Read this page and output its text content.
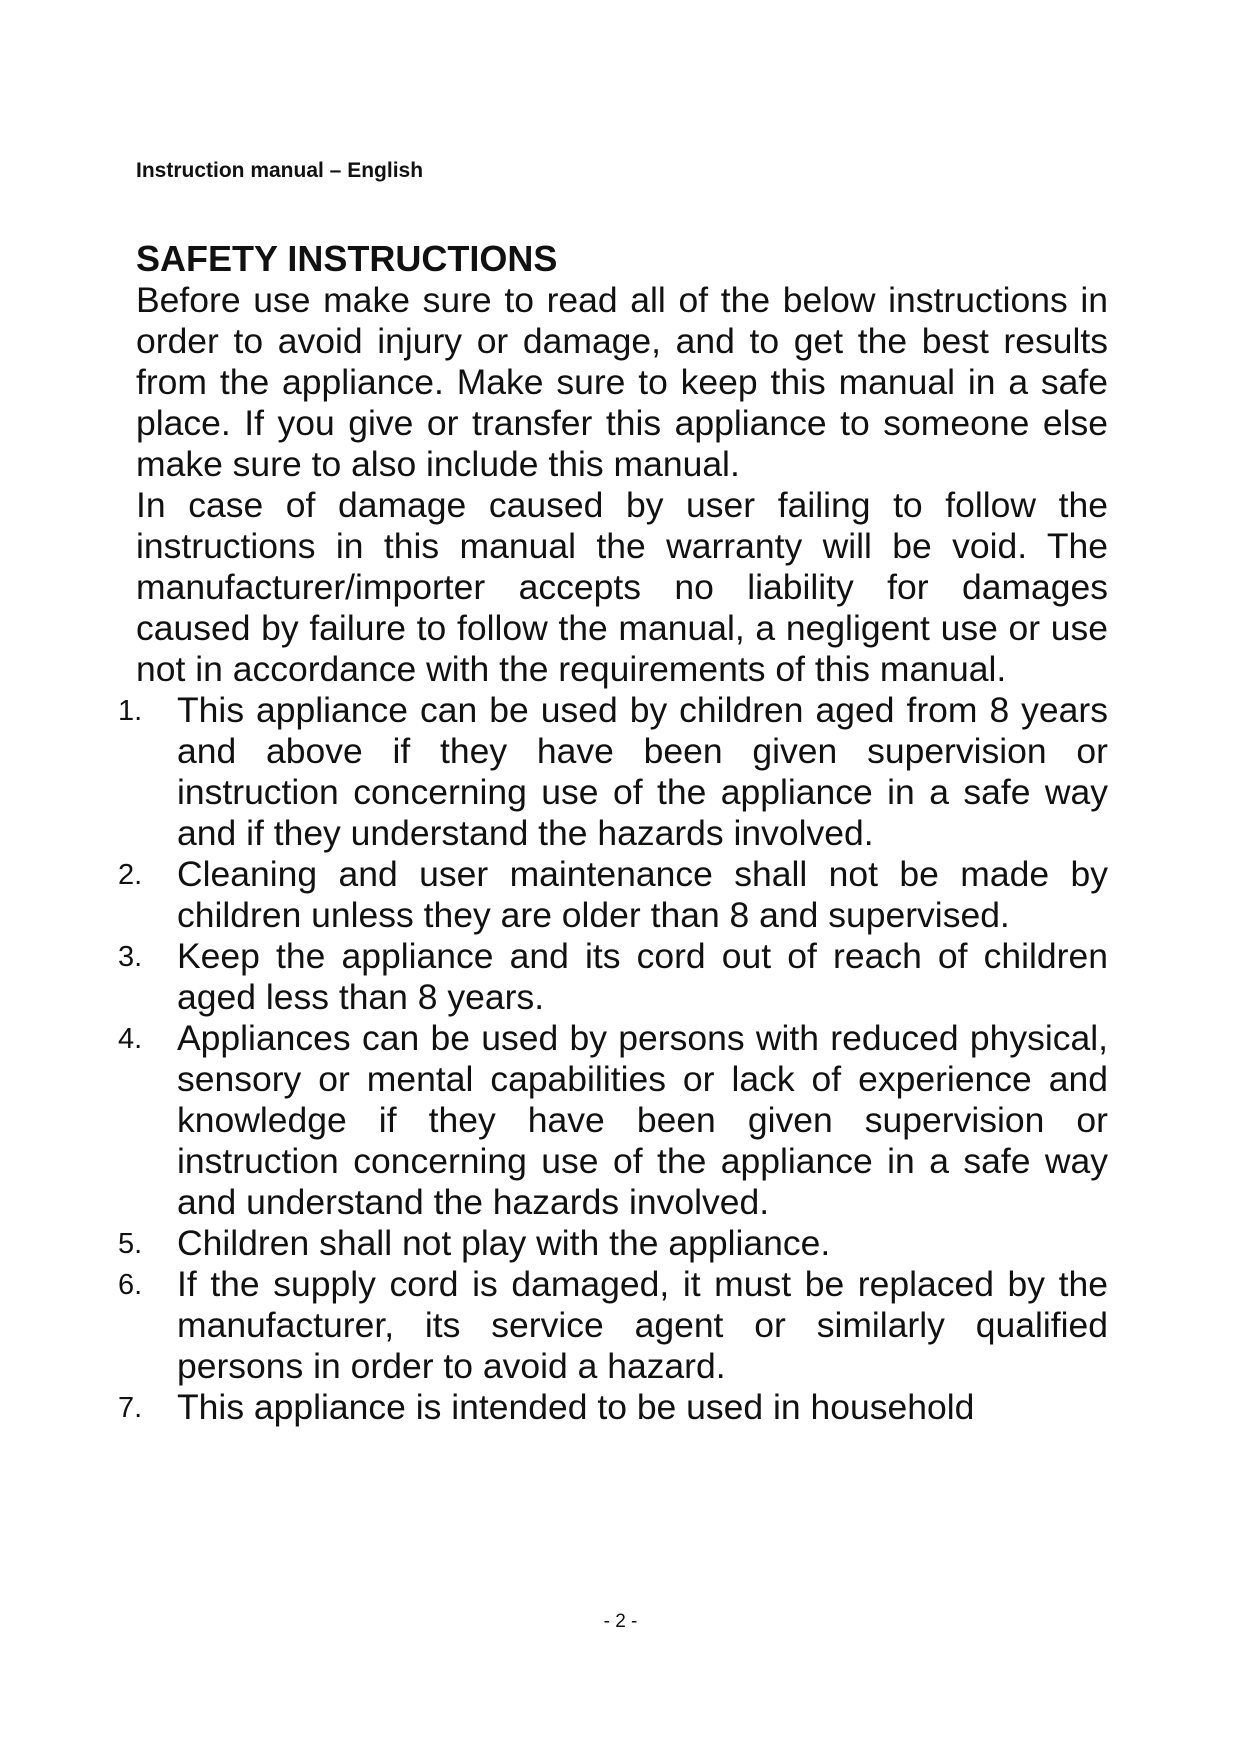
Instruction manual – English
SAFETY INSTRUCTIONS

Before use make sure to read all of the below instructions in order to avoid injury or damage, and to get the best results from the appliance. Make sure to keep this manual in a safe place. If you give or transfer this appliance to someone else make sure to also include this manual.

In case of damage caused by user failing to follow the instructions in this manual the warranty will be void. The manufacturer/importer accepts no liability for damages caused by failure to follow the manual, a negligent use or use not in accordance with the requirements of this manual.

1. This appliance can be used by children aged from 8 years and above if they have been given supervision or instruction concerning use of the appliance in a safe way and if they understand the hazards involved.
2. Cleaning and user maintenance shall not be made by children unless they are older than 8 and supervised.
3. Keep the appliance and its cord out of reach of children aged less than 8 years.
4. Appliances can be used by persons with reduced physical, sensory or mental capabilities or lack of experience and knowledge if they have been given supervision or instruction concerning use of the appliance in a safe way and understand the hazards involved.
5. Children shall not play with the appliance.
6. If the supply cord is damaged, it must be replaced by the manufacturer, its service agent or similarly qualified persons in order to avoid a hazard.
7. This appliance is intended to be used in household
- 2 -
